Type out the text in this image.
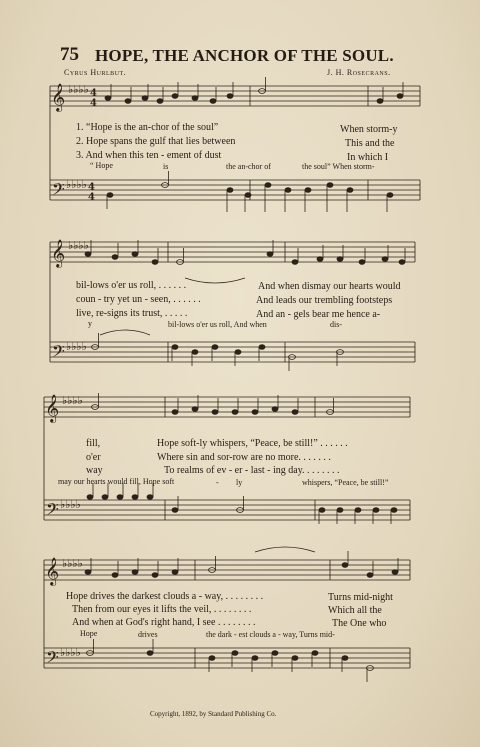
75 HOPE, THE ANCHOR OF THE SOUL.
Cyrus Hurlbut.	J. H. Rosecrans.
𝄞
𝄢
𝄞
𝄢
𝄞
𝄢
𝄞
𝄢
♭♭♭♭
♭♭♭♭
♭♭♭♭
♭♭♭♭
♭♭♭♭
♭♭♭♭
♭♭♭♭
♭♭♭♭
4
4
4
4
1. “Hope is the an-chor of the soul”	When storm-y
2. Hope spans the gulf that lies between	This and the
3. And when this ten - ement of dust	In which I
“ Hope	is	the an-chor of	the soul” When storm-
bil-lows o'er us roll, . . . . . .	And when dismay our hearts would
coun - try yet un - seen, . . . . . .	And leads our trembling footsteps
live, re-signs its trust, . . . . .	And an - gels bear me hence a-
y	bil-lows o'er us roll, And when	dis-
fill,	Hope soft-ly whispers, “Peace, be still!” . . . . . .
o'er	Where sin and sor-row are no more. . . . . . .
way	To realms of ev - er - last - ing day. . . . . . . .
may our hearts would fill, Hope soft	- ly	whispers, “Peace, be still!”
Hope drives the darkest clouds a - way, . . . . . . . .	Turns mid-night
Then from our eyes it lifts the veil, . . . . . . . .	Which all the
And when at God's right hand, I see . . . . . . . .	The One who
Hope	drives	the dark - est clouds a - way, Turns mid-
Copyright, 1892, by Standard Publishing Co.
